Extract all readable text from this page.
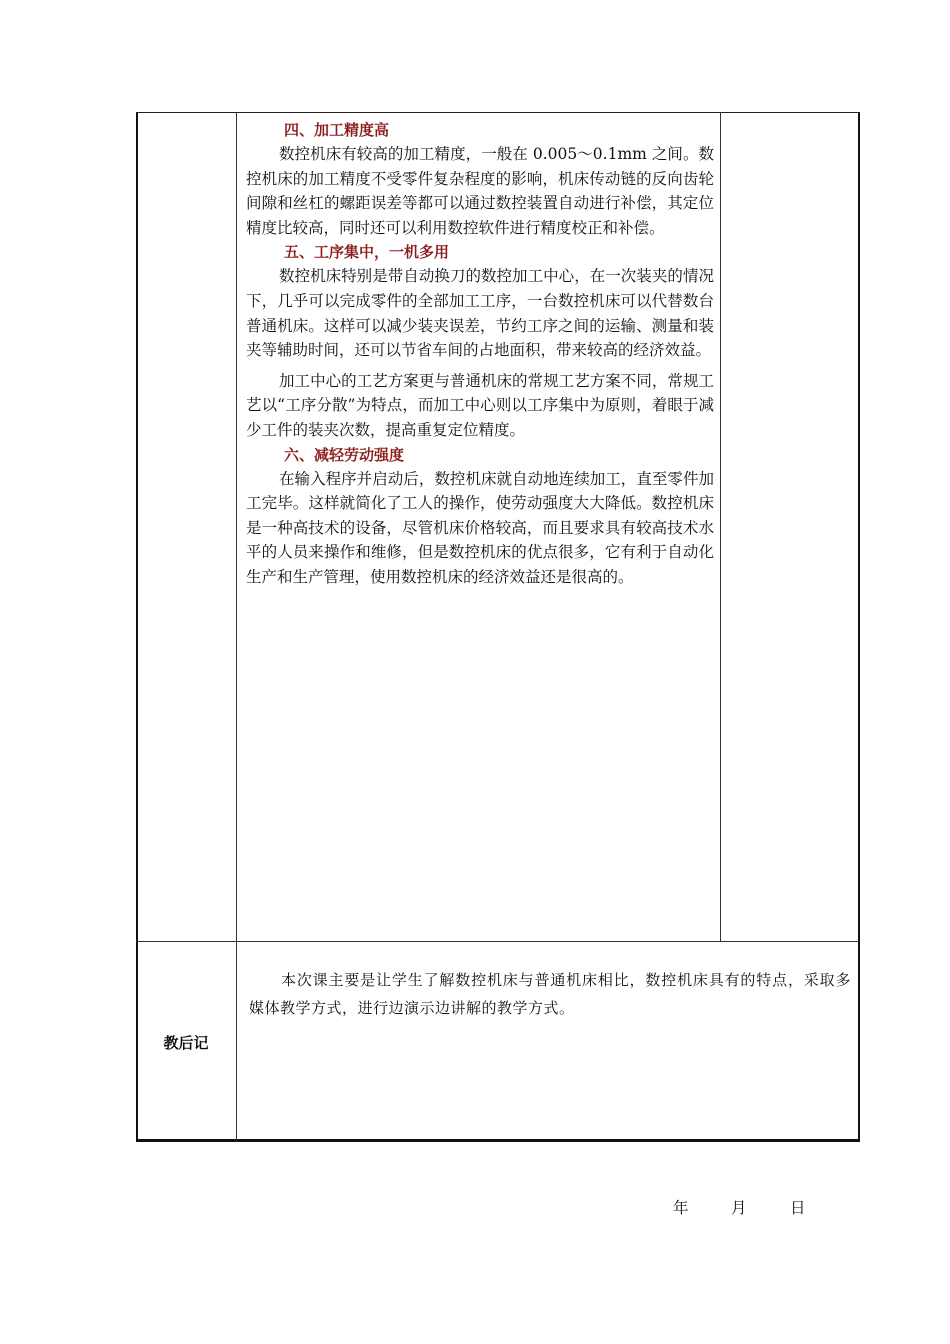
四、加工精度高

数控机床有较高的加工精度，一般在 0.005～0.1mm 之间。数控机床的加工精度不受零件复杂程度的影响，机床传动链的反向齿轮间隙和丝杠的螺距误差等都可以通过数控装置自动进行补偿，其定位精度比较高，同时还可以利用数控软件进行精度校正和补偿。

五、工序集中，一机多用

数控机床特别是带自动换刀的数控加工中心，在一次装夹的情况下，几乎可以完成零件的全部加工工序，一台数控机床可以代替数台普通机床。这样可以减少装夹误差，节约工序之间的运输、测量和装夹等辅助时间，还可以节省车间的占地面积，带来较高的经济效益。

加工中心的工艺方案更与普通机床的常规工艺方案不同，常规工艺以“工序分散”为特点，而加工中心则以工序集中为原则，着眼于减少工件的装夹次数，提高重复定位精度。

六、减轻劳动强度

在输入程序并启动后，数控机床就自动地连续加工，直至零件加工完毕。这样就简化了工人的操作，使劳动强度大大降低。数控机床是一种高技术的设备，尽管机床价格较高，而且要求具有较高技术水平的人员来操作和维修，但是数控机床的优点很多，它有利于自动化生产和生产管理，使用数控机床的经济效益还是很高的。

教后记
本次课主要是让学生了解数控机床与普通机床相比，数控机床具有的特点，采取多媒体教学方式，进行边演示边讲解的教学方式。
年	月	日
